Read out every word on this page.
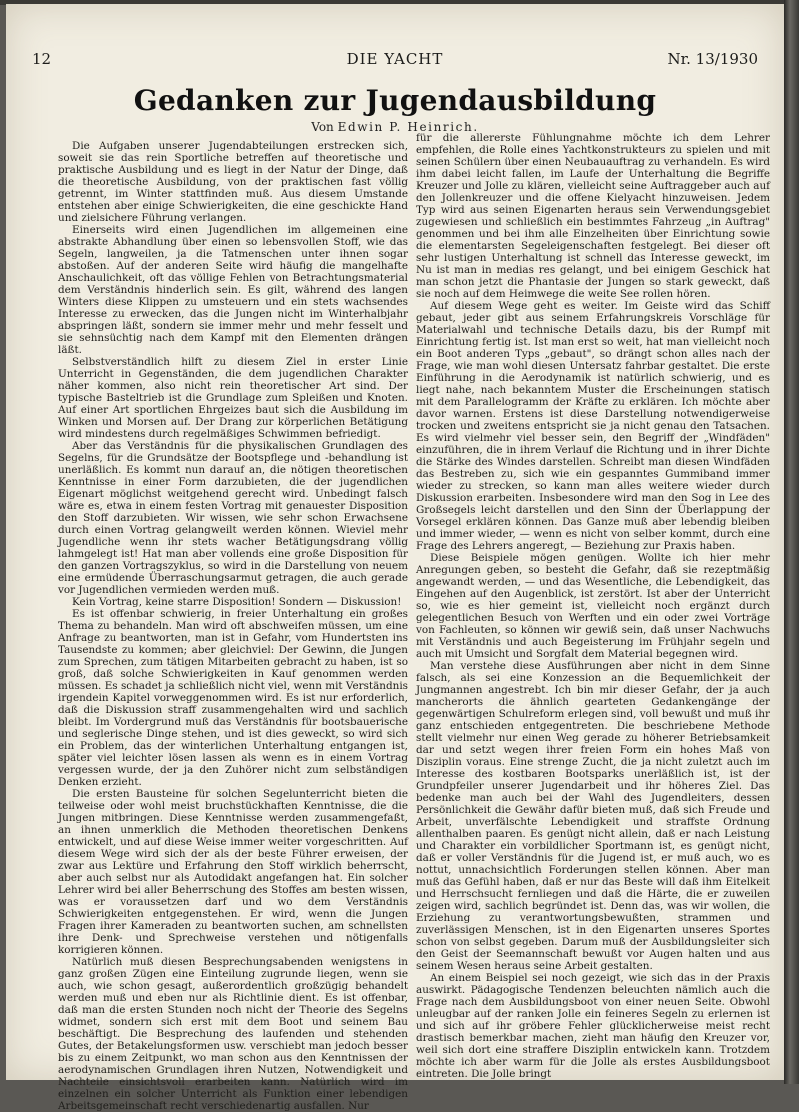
12	DIE YACHT	Nr. 13/1930
Gedanken zur Jugendausbildung
Von Edwin P. Heinrich.

Die Aufgaben unserer Jugendabteilungen erstrecken sich, soweit sie das rein Sportliche betreffen auf theoretische und praktische Ausbildung und es liegt in der Natur der Dinge, daß die theoretische Ausbildung, von der praktischen fast völlig getrennt, im Winter stattfinden muß. Aus diesem Umstande entstehen aber einige Schwierigkeiten, die eine geschickte Hand und zielsichere Führung verlangen.

Einerseits wird einen Jugendlichen im allgemeinen eine abstrakte Abhandlung über einen so lebensvollen Stoff, wie das Segeln, langweilen, ja die Tatmenschen unter ihnen sogar abstoßen. Auf der anderen Seite wird häufig die mangelhafte Anschaulichkeit, oft das völlige Fehlen von Betrachtungsmaterial dem Verständnis hinderlich sein. Es gilt, während des langen Winters diese Klippen zu umsteuern und ein stets wachsendes Interesse zu erwecken, das die Jungen nicht im Winterhalbjahr abspringen läßt, sondern sie immer mehr und mehr fesselt und sie sehnsüchtig nach dem Kampf mit den Elementen drängen läßt.

Selbstverständlich hilft zu diesem Ziel in erster Linie Unterricht in Gegenständen, die dem jugendlichen Charakter näher kommen, also nicht rein theoretischer Art sind. Der typische Basteltrieb ist die Grundlage zum Spleißen und Knoten. Auf einer Art sportlichen Ehrgeizes baut sich die Ausbildung im Winken und Morsen auf. Der Drang zur körperlichen Betätigung wird mindestens durch regelmäßiges Schwimmen befriedigt.

Aber das Verständnis für die physikalischen Grundlagen des Segelns, für die Grundsätze der Bootspflege und -behandlung ist unerläßlich. Es kommt nun darauf an, die nötigen theoretischen Kenntnisse in einer Form darzubieten, die der jugendlichen Eigenart möglichst weitgehend gerecht wird. Unbedingt falsch wäre es, etwa in einem festen Vortrag mit genauester Disposition den Stoff darzubieten. Wir wissen, wie sehr schon Erwachsene durch einen Vortrag gelangweilt werden können. Wieviel mehr Jugendliche wenn ihr stets wacher Betätigungsdrang völlig lahmgelegt ist! Hat man aber vollends eine große Disposition für den ganzen Vortragszyklus, so wird in die Darstellung von neuem eine ermüdende Überraschungsarmut getragen, die auch gerade vor Jugendlichen vermieden werden muß.

Kein Vortrag, keine starre Disposition! Sondern — Diskussion!

Es ist offenbar schwierig, in freier Unterhaltung ein großes Thema zu behandeln. Man wird oft abschweifen müssen, um eine Anfrage zu beantworten, man ist in Gefahr, vom Hundertsten ins Tausendste zu kommen; aber gleichviel: Der Gewinn, die Jungen zum Sprechen, zum tätigen Mitarbeiten gebracht zu haben, ist so groß, daß solche Schwierigkeiten in Kauf genommen werden müssen. Es schadet ja schließlich nicht viel, wenn mit Verständnis irgendein Kapitel vorweggenommen wird. Es ist nur erforderlich, daß die Diskussion straff zusammengehalten wird und sachlich bleibt. Im Vordergrund muß das Verständnis für bootsbauerische und seglerische Dinge stehen, und ist dies geweckt, so wird sich ein Problem, das der winterlichen Unterhaltung entgangen ist, später viel leichter lösen lassen als wenn es in einem Vortrag vergessen wurde, der ja den Zuhörer nicht zum selbständigen Denken erzieht.

Die ersten Bausteine für solchen Segelunterricht bieten die teilweise oder wohl meist bruchstückhaften Kenntnisse, die die Jungen mitbringen. Diese Kenntnisse werden zusammengefaßt, an ihnen unmerklich die Methoden theoretischen Denkens entwickelt, und auf diese Weise immer weiter vorgeschritten. Auf diesem Wege wird sich der als der beste Führer erweisen, der zwar aus Lektüre und Erfahrung den Stoff wirklich beherrscht, aber auch selbst nur als Autodidakt angefangen hat. Ein solcher Lehrer wird bei aller Beherrschung des Stoffes am besten wissen, was er voraussetzen darf und wo dem Verständnis Schwierigkeiten entgegenstehen. Er wird, wenn die Jungen Fragen ihrer Kameraden zu beantworten suchen, am schnellsten ihre Denk- und Sprechweise verstehen und nötigenfalls korrigieren können.

Natürlich muß diesen Besprechungsabenden wenigstens in ganz großen Zügen eine Einteilung zugrunde liegen, wenn sie auch, wie schon gesagt, außerordentlich großzügig behandelt werden muß und eben nur als Richtlinie dient. Es ist offenbar, daß man die ersten Stunden noch nicht der Theorie des Segelns widmet, sondern sich erst mit dem Boot und seinem Bau beschäftigt. Die Besprechung des laufenden und stehenden Gutes, der Betakelungsformen usw. verschiebt man jedoch besser bis zu einem Zeitpunkt, wo man schon aus den Kenntnissen der aerodynamischen Grundlagen ihren Nutzen, Notwendigkeit und Nachteile einsichtsvoll erarbeiten kann. Natürlich wird im einzelnen ein solcher Unterricht als Funktion einer lebendigen Arbeitsgemeinschaft recht verschiedenartig ausfallen. Nur

für die allererste Fühlungnahme möchte ich dem Lehrer empfehlen, die Rolle eines Yachtkonstrukteurs zu spielen und mit seinen Schülern über einen Neubauauftrag zu verhandeln. Es wird ihm dabei leicht fallen, im Laufe der Unterhaltung die Begriffe Kreuzer und Jolle zu klären, vielleicht seine Auftraggeber auch auf den Jollenkreuzer und die offene Kielyacht hinzuweisen. Jedem Typ wird aus seinen Eigenarten heraus sein Verwendungsgebiet zugewiesen und schließlich ein bestimmtes Fahrzeug „in Auftrag" genommen und bei ihm alle Einzelheiten über Einrichtung sowie die elementarsten Segeleigenschaften festgelegt. Bei dieser oft sehr lustigen Unterhaltung ist schnell das Interesse geweckt, im Nu ist man in medias res gelangt, und bei einigem Geschick hat man schon jetzt die Phantasie der Jungen so stark geweckt, daß sie noch auf dem Heimwege die weite See rollen hören.

Auf diesem Wege geht es weiter. Im Geiste wird das Schiff gebaut, jeder gibt aus seinem Erfahrungskreis Vorschläge für Materialwahl und technische Details dazu, bis der Rumpf mit Einrichtung fertig ist. Ist man erst so weit, hat man vielleicht noch ein Boot anderen Typs „gebaut", so drängt schon alles nach der Frage, wie man wohl diesen Untersatz fahrbar gestaltet. Die erste Einführung in die Aerodynamik ist natürlich schwierig, und es liegt nahe, nach bekanntem Muster die Erscheinungen statisch mit dem Parallelogramm der Kräfte zu erklären. Ich möchte aber davor warnen. Erstens ist diese Darstellung notwendigerweise trocken und zweitens entspricht sie ja nicht genau den Tatsachen. Es wird vielmehr viel besser sein, den Begriff der „Windfäden" einzuführen, die in ihrem Verlauf die Richtung und in ihrer Dichte die Stärke des Windes darstellen. Schreibt man diesen Windfäden das Bestreben zu, sich wie ein gespanntes Gummiband immer wieder zu strecken, so kann man alles weitere wieder durch Diskussion erarbeiten. Insbesondere wird man den Sog in Lee des Großsegels leicht darstellen und den Sinn der Überlappung der Vorsegel erklären können. Das Ganze muß aber lebendig bleiben und immer wieder, — wenn es nicht von selber kommt, durch eine Frage des Lehrers angeregt, — Beziehung zur Praxis haben.

Diese Beispiele mögen genügen. Wollte ich hier mehr Anregungen geben, so besteht die Gefahr, daß sie rezeptmäßig angewandt werden, — und das Wesentliche, die Lebendigkeit, das Eingehen auf den Augenblick, ist zerstört. Ist aber der Unterricht so, wie es hier gemeint ist, vielleicht noch ergänzt durch gelegentlichen Besuch von Werften und ein oder zwei Vorträge von Fachleuten, so können wir gewiß sein, daß unser Nachwuchs mit Verständnis und auch Begeisterung im Frühjahr segeln und auch mit Umsicht und Sorgfalt dem Material begegnen wird.

Man verstehe diese Ausführungen aber nicht in dem Sinne falsch, als sei eine Konzession an die Bequemlichkeit der Jungmannen angestrebt. Ich bin mir dieser Gefahr, der ja auch mancherorts die ähnlich gearteten Gedankengänge der gegenwärtigen Schulreform erlegen sind, voll bewußt und muß ihr ganz entschieden entgegentreten. Die beschriebene Methode stellt vielmehr nur einen Weg gerade zu höherer Betriebsamkeit dar und setzt wegen ihrer freien Form ein hohes Maß von Disziplin voraus. Eine strenge Zucht, die ja nicht zuletzt auch im Interesse des kostbaren Bootsparks unerläßlich ist, ist der Grundpfeiler unserer Jugendarbeit und ihr höheres Ziel. Das bedenke man auch bei der Wahl des Jugendleiters, dessen Persönlichkeit die Gewähr dafür bieten muß, daß sich Freude und Arbeit, unverfälschte Lebendigkeit und straffste Ordnung allenthalben paaren. Es genügt nicht allein, daß er nach Leistung und Charakter ein vorbildlicher Sportmann ist, es genügt nicht, daß er voller Verständnis für die Jugend ist, er muß auch, wo es nottut, unnachsichtlich Forderungen stellen können. Aber man muß das Gefühl haben, daß er nur das Beste will daß ihm Eitelkeit und Herrschsucht fernliegen und daß die Härte, die er zuweilen zeigen wird, sachlich begründet ist. Denn das, was wir wollen, die Erziehung zu verantwortungsbewußten, strammen und zuverlässigen Menschen, ist in den Eigenarten unseres Sportes schon von selbst gegeben. Darum muß der Ausbildungsleiter sich den Geist der Seemannschaft bewußt vor Augen halten und aus seinem Wesen heraus seine Arbeit gestalten.

An einem Beispiel sei noch gezeigt, wie sich das in der Praxis auswirkt. Pädagogische Tendenzen beleuchten nämlich auch die Frage nach dem Ausbildungsboot von einer neuen Seite. Obwohl unleugbar auf der ranken Jolle ein feineres Segeln zu erlernen ist und sich auf ihr gröbere Fehler glücklicherweise meist recht drastisch bemerkbar machen, zieht man häufig den Kreuzer vor, weil sich dort eine straffere Disziplin entwickeln kann. Trotzdem möchte ich aber warm für die Jolle als erstes Ausbildungsboot eintreten. Die Jolle bringt
